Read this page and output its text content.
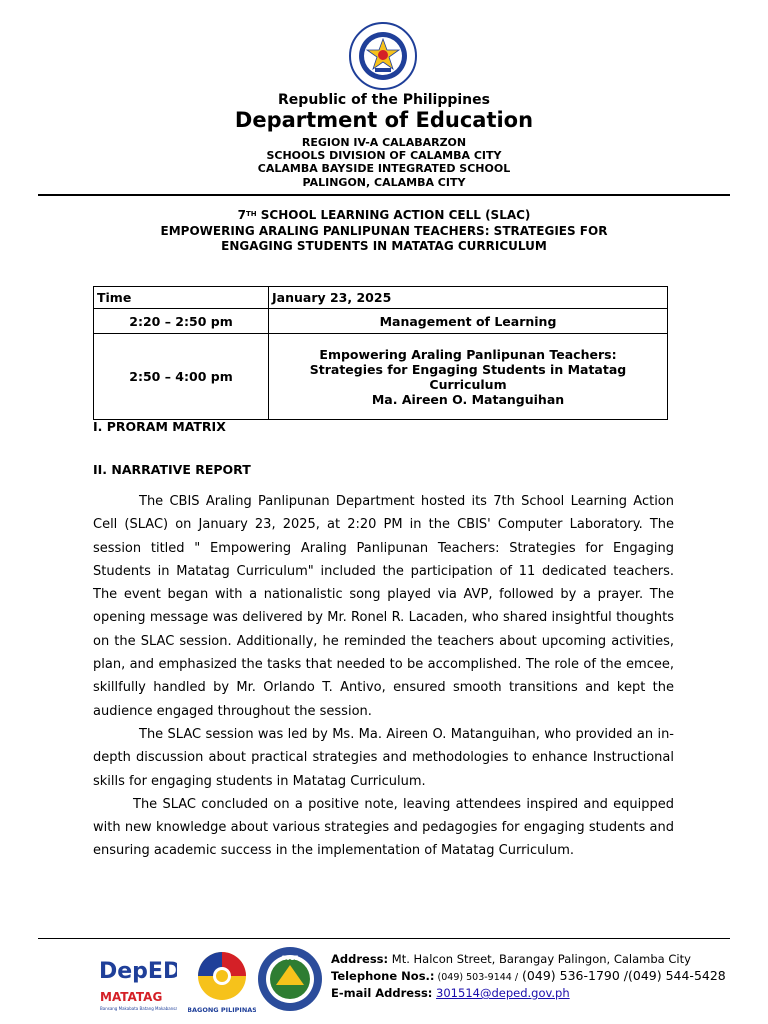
Republic of the Philippines
Department of Education
REGION IV-A CALABARZON
SCHOOLS DIVISION OF CALAMBA CITY
CALAMBA BAYSIDE INTEGRATED SCHOOL
PALINGON, CALAMBA CITY
7TH SCHOOL LEARNING ACTION CELL (SLAC)
EMPOWERING ARALING PANLIPUNAN TEACHERS: STRATEGIES FOR
ENGAGING STUDENTS IN MATATAG CURRICULUM
Time	January 23, 2025
2:20 – 2:50 pm	Management of Learning
2:50 – 4:00 pm	Empowering Araling Panlipunan Teachers:
Strategies for Engaging Students in Matatag
Curriculum
Ma. Aireen O. Matanguihan
I. PRORAM MATRIX
II. NARRATIVE REPORT

The CBIS Araling Panlipunan Department hosted its 7th School Learning Action Cell (SLAC) on January 23, 2025, at 2:20 PM in the CBIS' Computer Laboratory. The session titled " Empowering Araling Panlipunan Teachers: Strategies for Engaging Students in Matatag Curriculum" included the participation of 11 dedicated teachers. The event began with a nationalistic song played via AVP, followed by a prayer. The opening message was delivered by Mr. Ronel R. Lacaden, who shared insightful thoughts on the SLAC session. Additionally, he reminded the teachers about upcoming activities, plan, and emphasized the tasks that needed to be accomplished. The role of the emcee, skillfully handled by Mr. Orlando T. Antivo, ensured smooth transitions and kept the audience engaged throughout the session.

The SLAC session was led by Ms. Ma. Aireen O. Matanguihan, who provided an in-depth discussion about practical strategies and methodologies to enhance Instructional skills for engaging students in Matatag Curriculum.

The SLAC concluded on a positive note, leaving attendees inspired and equipped with new knowledge about various strategies and pedagogies for engaging students and ensuring academic success in the implementation of Matatag Curriculum.

DepED
MATATAG
Bansang Makabata Batang Makabansa BAGONG PILIPINAS
2017	Address: Mt. Halcon Street, Barangay Palingon, Calamba City
Telephone Nos.: (049) 503-9144 / (049) 536-1790 /(049) 544-5428
E-mail Address: 301514@deped.gov.ph
